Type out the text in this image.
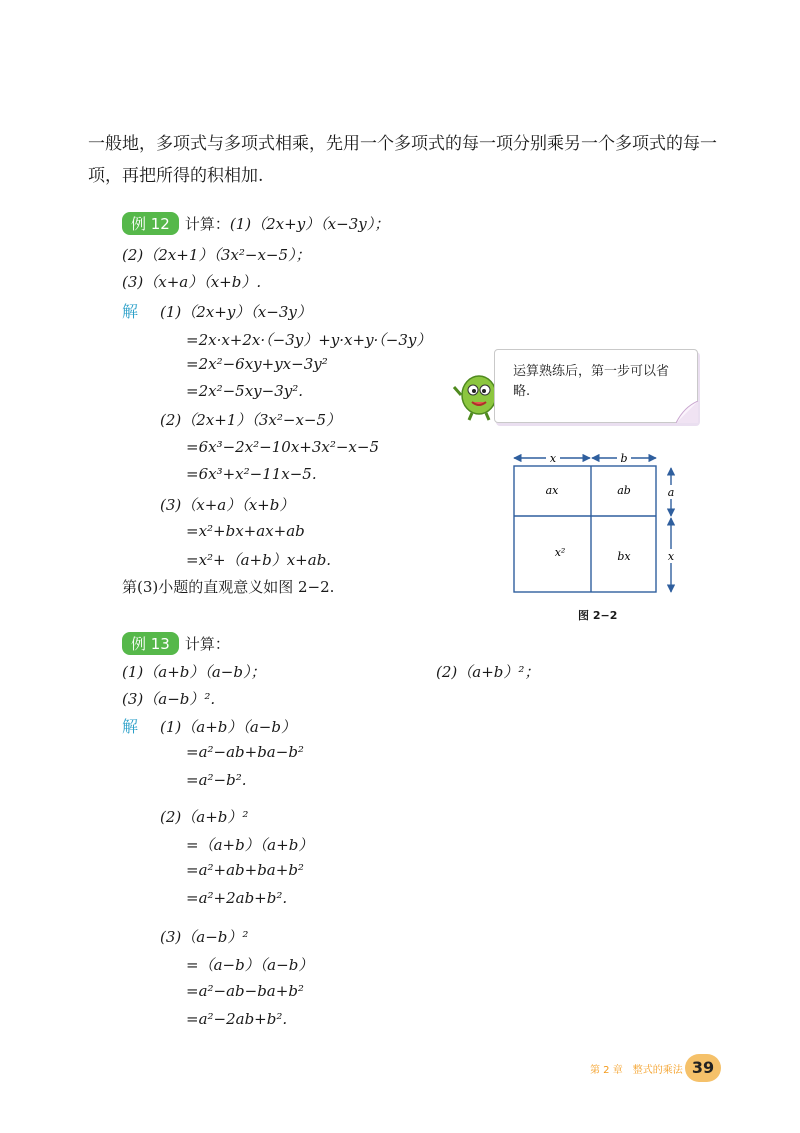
一般地，多项式与多项式相乘，先用一个多项式的每一项分别乘另一个多项式的每一项，再把所得的积相加.
例 12 计算：(1)（2x+y）（x−3y）；
(2)（2x+1）（3x²−x−5）；
(3)（x+a）（x+b）.
解 (1)（2x+y）（x−3y）
=2x·x+2x·（−3y）+y·x+y·（−3y）
=2x²−6xy+yx−3y²
=2x²−5xy−3y².
(2)（2x+1）（3x²−x−5）
=6x³−2x²−10x+3x²−x−5
=6x³+x²−11x−5.
(3)（x+a）（x+b）
=x²+bx+ax+ab
=x²+（a+b）x+ab.
第(3)小题的直观意义如图 2−2.
运算熟练后，第一步可以省略.
x	b
a
x
ax	ab
x²	bx
图 2−2
例 13 计算：
(1)（a+b）（a−b）；	(2)（a+b）²；
(3)（a−b）².
解 (1)（a+b）（a−b）
=a²−ab+ba−b²
=a²−b².
(2)（a+b）²
=（a+b）（a+b）
=a²+ab+ba+b²
=a²+2ab+b².
(3)（a−b）²
=（a−b）（a−b）
=a²−ab−ba+b²
=a²−2ab+b².
第 2 章　整式的乘法 39
